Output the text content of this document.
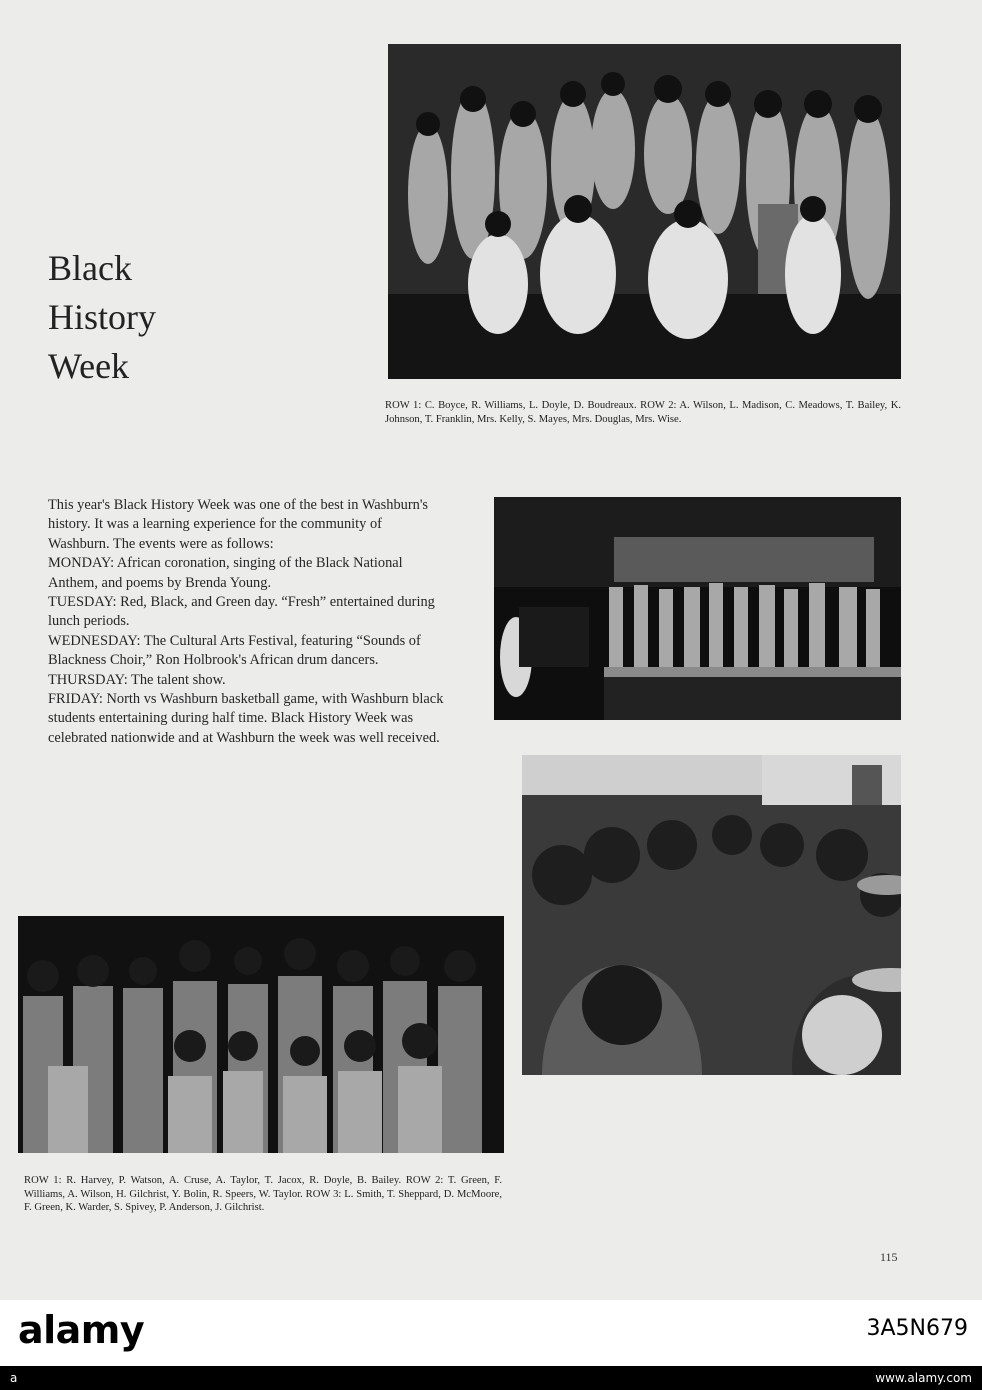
Black
History
Week
ROW 1: C. Boyce, R. Williams, L. Doyle, D. Boudreaux. ROW 2: A. Wilson, L. Madison, C. Meadows, T. Bailey, K. Johnson, T. Franklin, Mrs. Kelly, S. Mayes, Mrs. Douglas, Mrs. Wise.

This year's Black History Week was one of the best in Washburn's history. It was a learning experience for the community of Washburn. The events were as follows:

MONDAY: African coronation, singing of the Black National Anthem, and poems by Brenda Young.

TUESDAY: Red, Black, and Green day. “Fresh” entertained during lunch periods.

WEDNESDAY: The Cultural Arts Festival, featuring “Sounds of Blackness Choir,” Ron Holbrook's African drum dancers.

THURSDAY: The talent show.

FRIDAY: North vs Washburn basketball game, with Washburn black students entertaining during half time. Black History Week was celebrated nationwide and at Washburn the week was well received.

ROW 1: R. Harvey, P. Watson, A. Cruse, A. Taylor, T. Jacox, R. Doyle, B. Bailey. ROW 2: T. Green, F. Williams, A. Wilson, H. Gilchrist, Y. Bolin, R. Speers, W. Taylor. ROW 3: L. Smith, T. Sheppard, D. McMoore, F. Green, K. Warder, S. Spivey, P. Anderson, J. Gilchrist.
115
alamy	3A5N679
a	www.alamy.com
